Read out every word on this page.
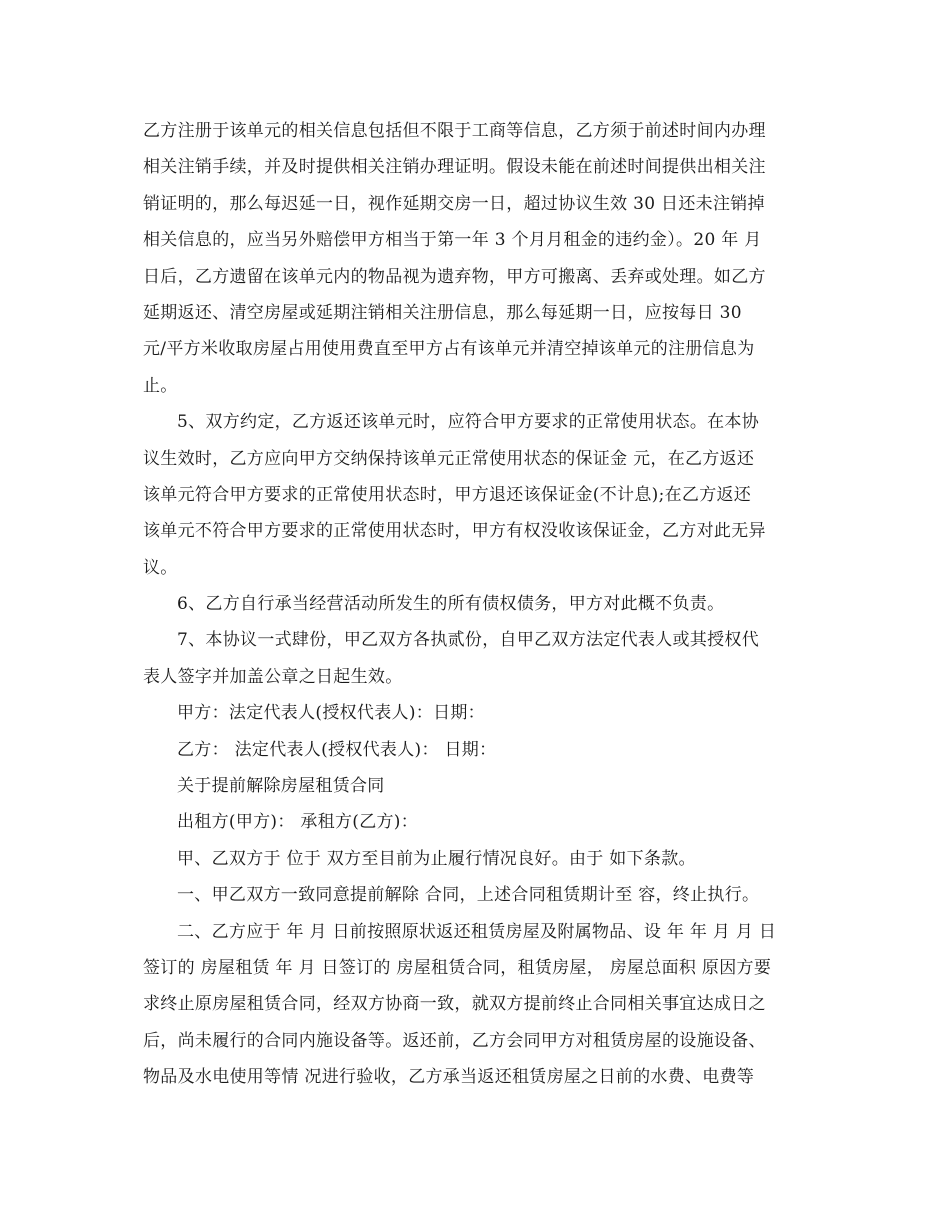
乙方注册于该单元的相关信息包括但不限于工商等信息，乙方须于前述时间内办理
相关注销手续，并及时提供相关注销办理证明。假设未能在前述时间提供出相关注
销证明的，那么每迟延一日，视作延期交房一日，超过协议生效 30 日还未注销掉
相关信息的，应当另外赔偿甲方相当于第一年 3 个月月租金的违约金）。20 年 月
日后，乙方遗留在该单元内的物品视为遗弃物，甲方可搬离、丢弃或处理。如乙方
延期返还、清空房屋或延期注销相关注册信息，那么每延期一日，应按每日 30
元/平方米收取房屋占用使用费直至甲方占有该单元并清空掉该单元的注册信息为
止。
5、双方约定，乙方返还该单元时，应符合甲方要求的正常使用状态。在本协
议生效时，乙方应向甲方交纳保持该单元正常使用状态的保证金 元，在乙方返还
该单元符合甲方要求的正常使用状态时，甲方退还该保证金(不计息);在乙方返还
该单元不符合甲方要求的正常使用状态时，甲方有权没收该保证金，乙方对此无异
议。
6、乙方自行承当经营活动所发生的所有债权债务，甲方对此概不负责。
7、本协议一式肆份，甲乙双方各执贰份，自甲乙双方法定代表人或其授权代
表人签字并加盖公章之日起生效。
甲方：法定代表人(授权代表人)：日期：
乙方： 法定代表人(授权代表人)： 日期：
关于提前解除房屋租赁合同
出租方(甲方)： 承租方(乙方)：
甲、乙双方于 位于 双方至目前为止履行情况良好。由于 如下条款。
一、甲乙双方一致同意提前解除 合同，上述合同租赁期计至 容，终止执行。
二、乙方应于 年 月 日前按照原状返还租赁房屋及附属物品、设 年 年 月 月 日
签订的 房屋租赁 年 月 日签订的 房屋租赁合同，租赁房屋， 房屋总面积 原因方要
求终止原房屋租赁合同，经双方协商一致，就双方提前终止合同相关事宜达成日之
后，尚未履行的合同内施设备等。返还前，乙方会同甲方对租赁房屋的设施设备、
物品及水电使用等情 况进行验收，乙方承当返还租赁房屋之日前的水费、电费等
